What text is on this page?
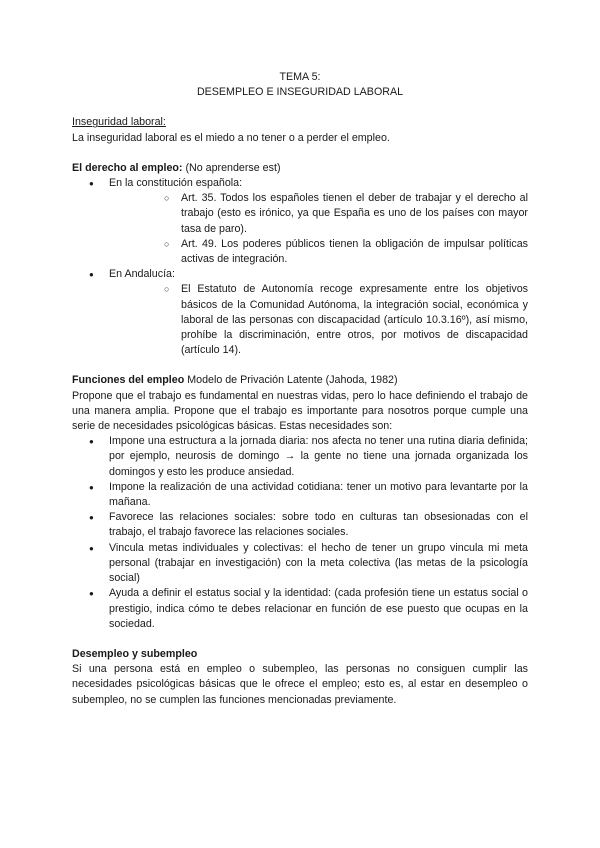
TEMA 5:
DESEMPLEO E INSEGURIDAD LABORAL

Inseguridad laboral:

La inseguridad laboral es el miedo a no tener o a perder el empleo.

El derecho al empleo: (No aprenderse est)

● En la constitución española:
○ Art. 35. Todos los españoles tienen el deber de trabajar y el derecho al trabajo (esto es irónico, ya que España es uno de los países con mayor tasa de paro).
○ Art. 49. Los poderes públicos tienen la obligación de impulsar políticas activas de integración.
● En Andalucía:
○ El Estatuto de Autonomía recoge expresamente entre los objetivos básicos de la Comunidad Autónoma, la integración social, económica y laboral de las personas con discapacidad (artículo 10.3.16º), así mismo, prohíbe la discriminación, entre otros, por motivos de discapacidad (artículo 14).

Funciones del empleo Modelo de Privación Latente (Jahoda, 1982)

Propone que el trabajo es fundamental en nuestras vidas, pero lo hace definiendo el trabajo de una manera amplia. Propone que el trabajo es importante para nosotros porque cumple una serie de necesidades psicológicas básicas. Estas necesidades son:

● Impone una estructura a la jornada diaria: nos afecta no tener una rutina diaria definida; por ejemplo, neurosis de domingo → la gente no tiene una jornada organizada los domingos y esto les produce ansiedad.
● Impone la realización de una actividad cotidiana: tener un motivo para levantarte por la mañana.
● Favorece las relaciones sociales: sobre todo en culturas tan obsesionadas con el trabajo, el trabajo favorece las relaciones sociales.
● Vincula metas individuales y colectivas: el hecho de tener un grupo vincula mi meta personal (trabajar en investigación) con la meta colectiva (las metas de la psicología social)
● Ayuda a definir el estatus social y la identidad: (cada profesión tiene un estatus social o prestigio, indica cómo te debes relacionar en función de ese puesto que ocupas en la sociedad.

Desempleo y subempleo

Si una persona está en empleo o subempleo, las personas no consiguen cumplir las necesidades psicológicas básicas que le ofrece el empleo; esto es, al estar en desempleo o subempleo, no se cumplen las funciones mencionadas previamente.
